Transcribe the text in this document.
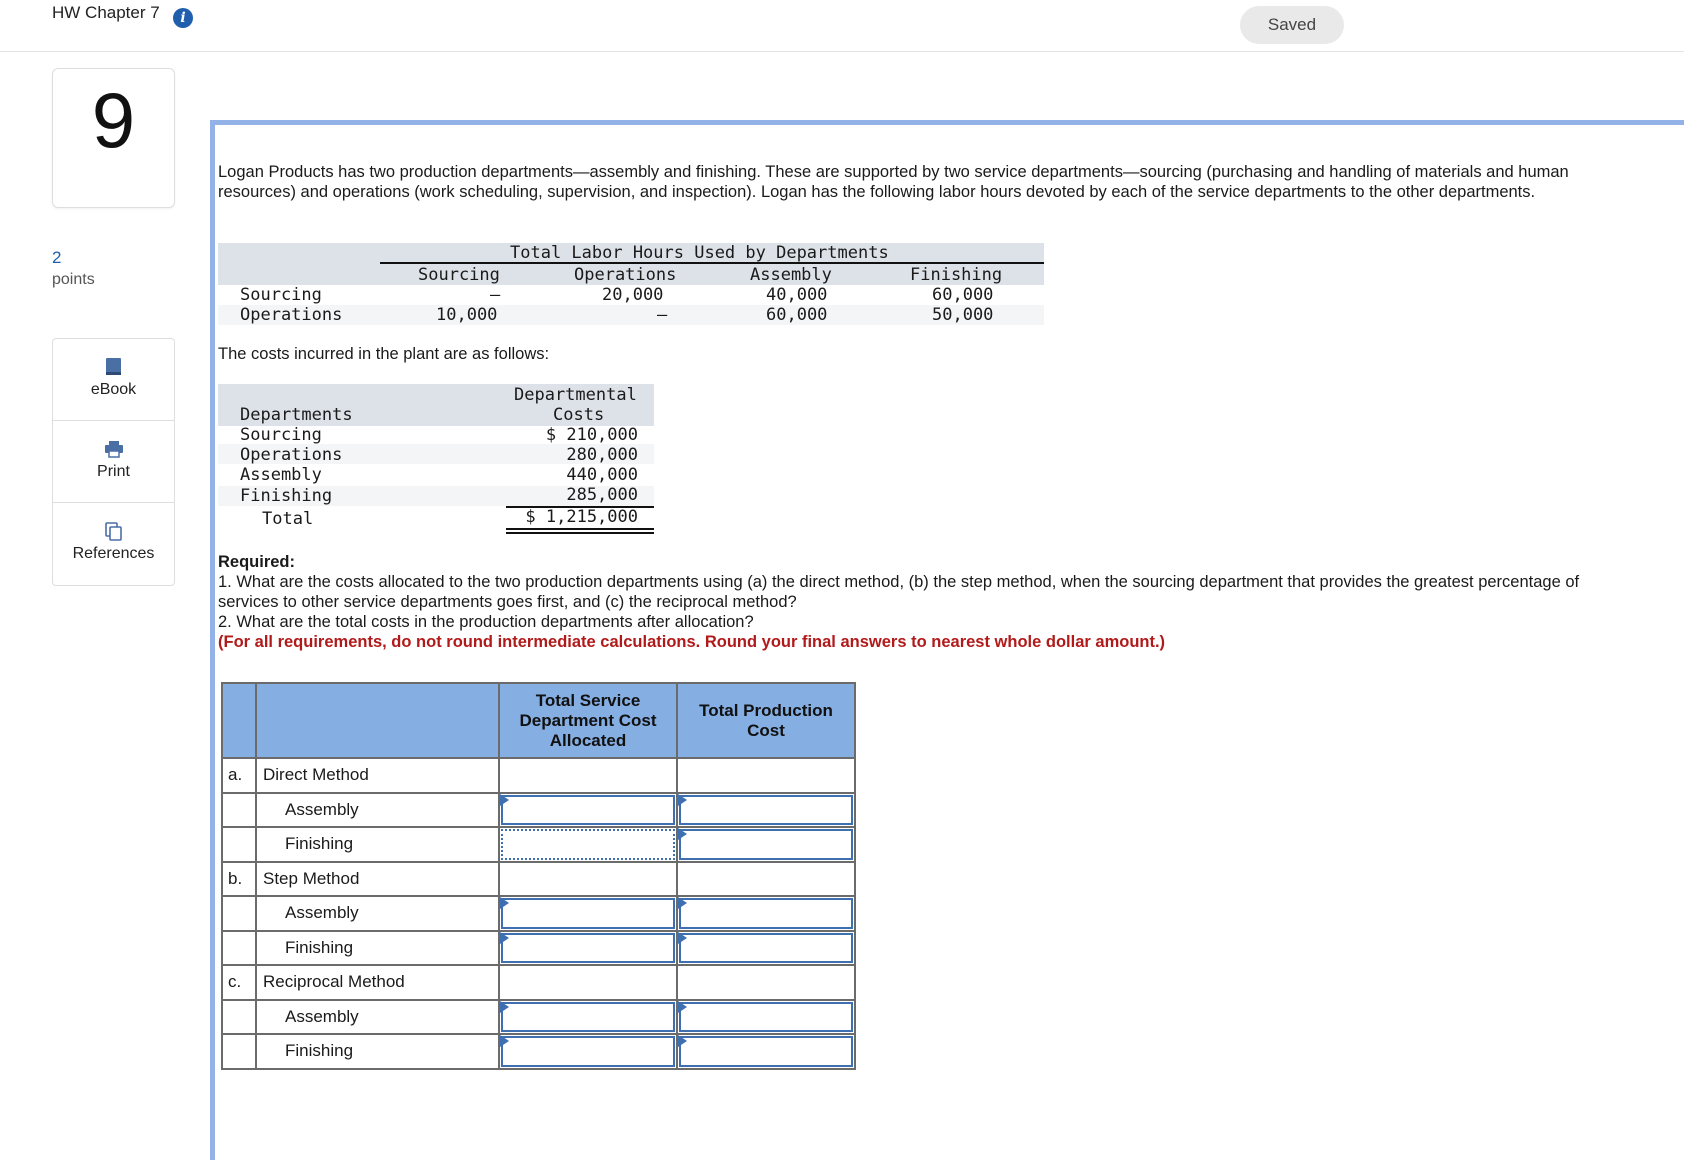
HW Chapter 7	i	Saved
9
2
points
eBook
Print
References
Logan Products has two production departments—assembly and finishing. These are supported by two service departments—sourcing (purchasing and handling of materials and human resources) and operations (work scheduling, supervision, and inspection). Logan has the following labor hours devoted by each of the service departments to the other departments.
Total Labor Hours Used by Departments
Sourcing	Operations	Assembly	Finishing
Sourcing	–	20,000	40,000	60,000
Operations	10,000	–	60,000	50,000
The costs incurred in the plant are as follows:
Departmental
Costs
Departments
Sourcing	$ 210,000
Operations	280,000
Assembly	440,000
Finishing	285,000
Total	$ 1,215,000
Required:
1. What are the costs allocated to the two production departments using (a) the direct method, (b) the step method, when the sourcing department that provides the greatest percentage of services to other service departments goes first, and (c) the reciprocal method?
2. What are the total costs in the production departments after allocation?
(For all requirements, do not round intermediate calculations. Round your final answers to nearest whole dollar amount.)
		Total Service Department Cost Allocated	Total Production Cost
a.	Direct Method		
	Assembly	

	Finishing	

b.	Step Method		
	Assembly	

	Finishing	

c.	Reciprocal Method		
	Assembly	

	Finishing	
